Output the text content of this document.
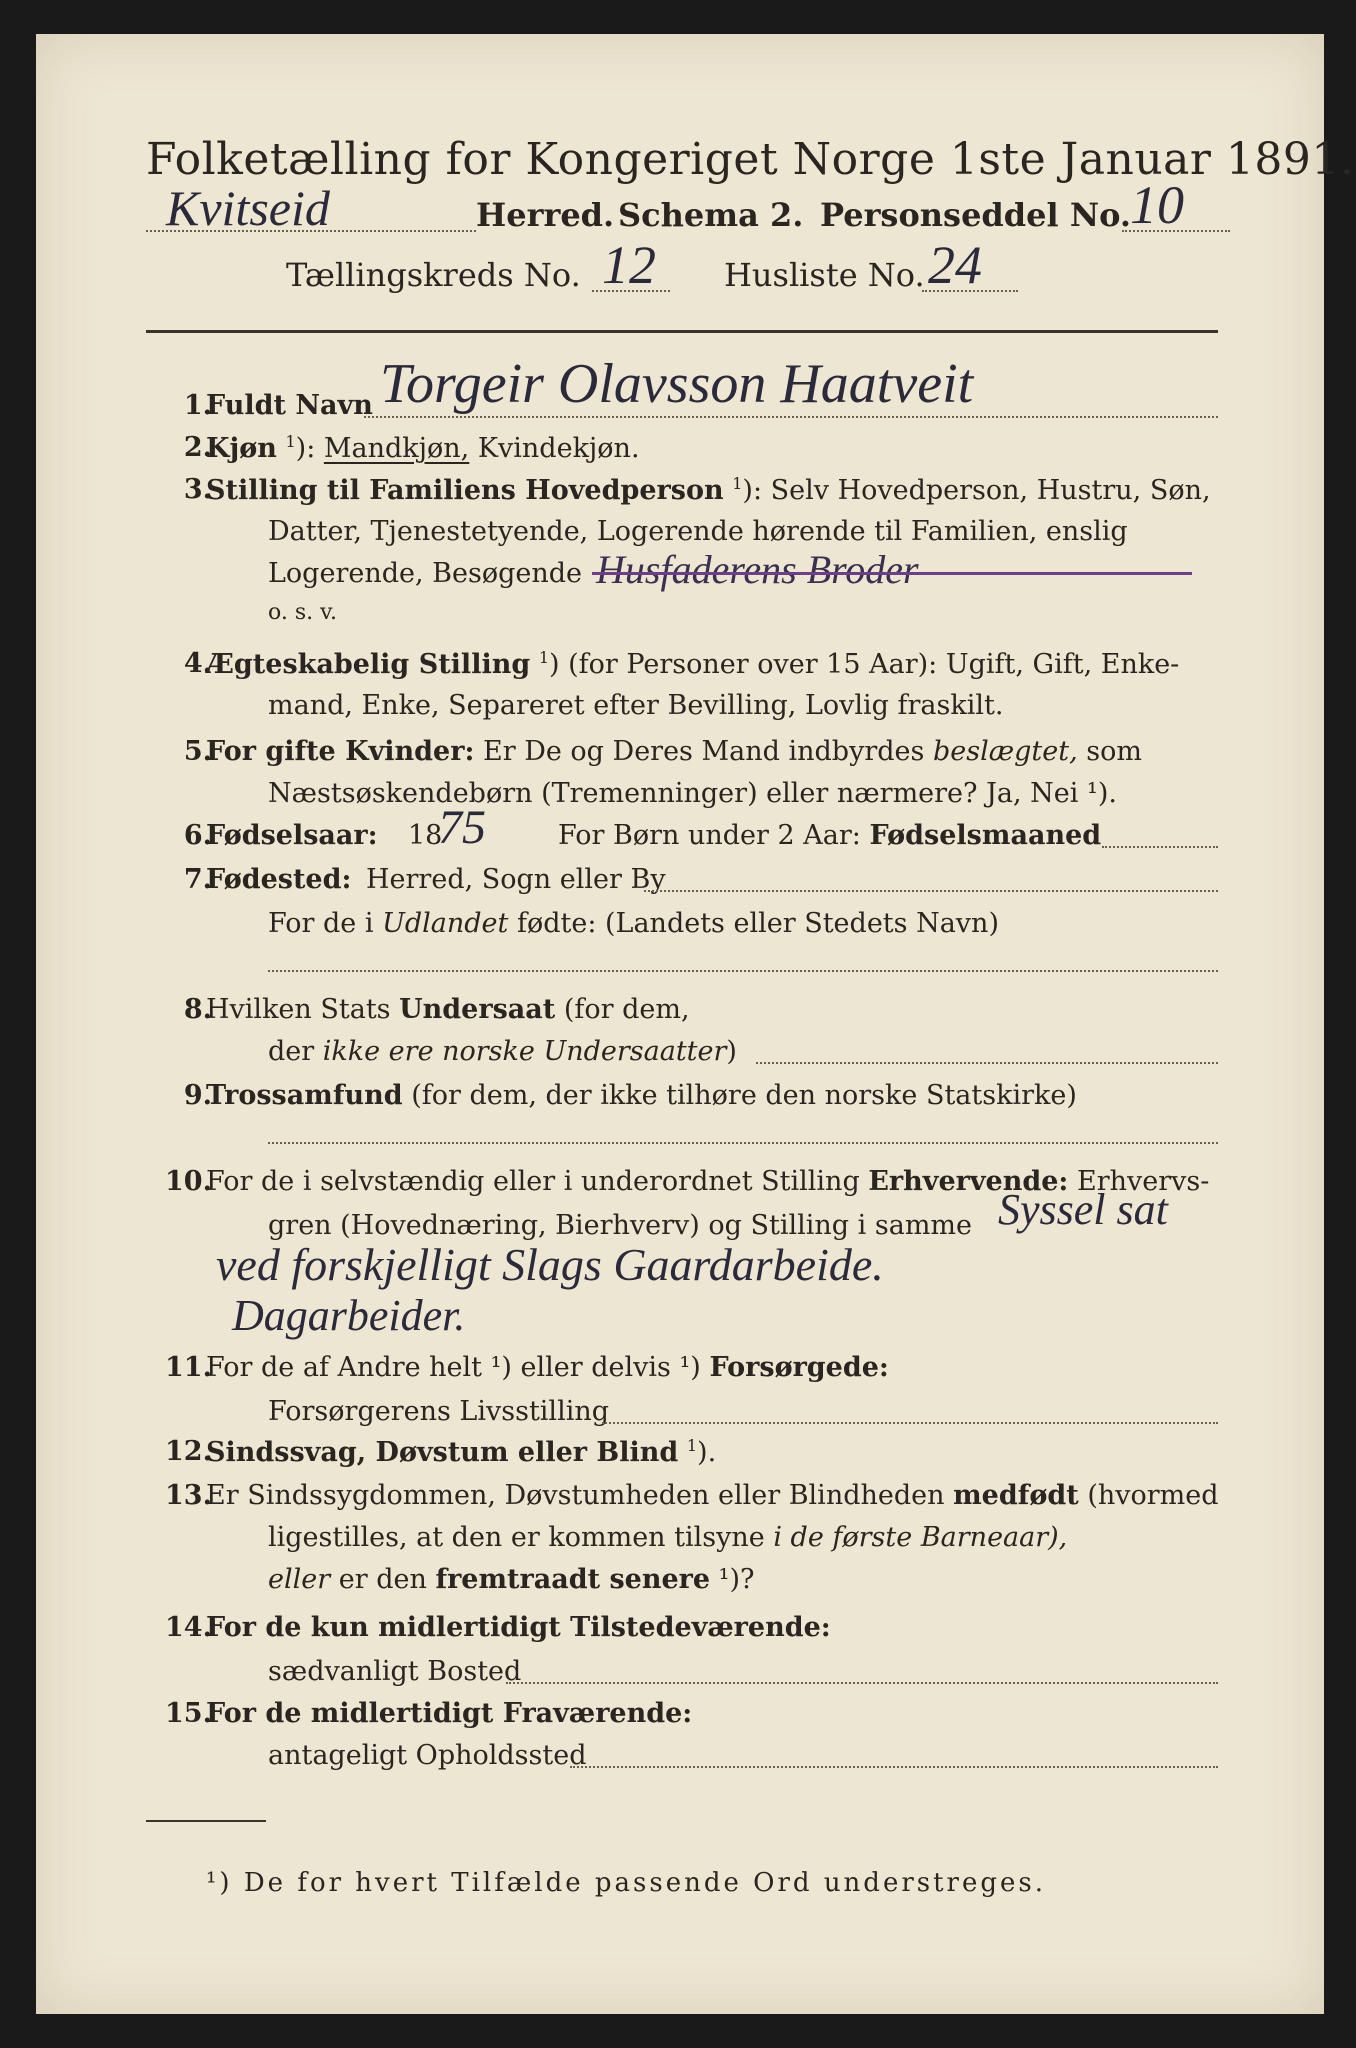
Folketælling for Kongeriget Norge 1ste Januar 1891.
Kvitseid	Herred. Schema 2. Personseddel No. 10
Tællingskreds No. 12 Husliste No. 24
1.
Fuldt Navn Torgeir Olavsson Haatveit
2.
Kjøn $^1$): Mandkjøn, Kvindekjøn.
3.
Stilling til Familiens Hovedperson $^1$): Selv Hovedperson, Hustru, Søn,
Datter, Tjenestetyende, Logerende hørende til Familien, enslig
Logerende, Besøgende Husfaderens Broder
o. s. v.
4.
Ægteskabelig Stilling $^1$) (for Personer over 15 Aar): Ugift, Gift, Enke-
mand, Enke, Separeret efter Bevilling, Lovlig fraskilt.
5.
For gifte Kvinder: Er De og Deres Mand indbyrdes beslægtet, som
Næstsøskendebørn (Tremenninger) eller nærmere? Ja, Nei ¹).
6.
Fødselsaar: 18
75	For Børn under 2 Aar: Fødselsmaaned
7.
Fødested: Herred, Sogn eller By
For de i Udlandet fødte: (Landets eller Stedets Navn)
8.
Hvilken Stats Undersaat (for dem,
der ikke ere norske Undersaatter)
9.
Trossamfund (for dem, der ikke tilhøre den norske Statskirke)
10.
For de i selvstændig eller i underordnet Stilling Erhvervende: Erhvervs-
gren (Hovednæring, Bierhverv) og Stilling i samme Syssel sat
ved forskjelligt Slags Gaardarbeide.
Dagarbeider.
11.
For de af Andre helt ¹) eller delvis ¹) Forsørgede:
Forsørgerens Livsstilling
12.
Sindssvag, Døvstum eller Blind $^1$).
13.
Er Sindssygdommen, Døvstumheden eller Blindheden medfødt (hvormed
ligestilles, at den er kommen tilsyne i de første Barneaar),
eller er den fremtraadt senere ¹)?
14.
For de kun midlertidigt Tilstedeværende:
sædvanligt Bosted
15.
For de midlertidigt Fraværende:
antageligt Opholdssted
¹) De for hvert Tilfælde passende Ord understreges.
